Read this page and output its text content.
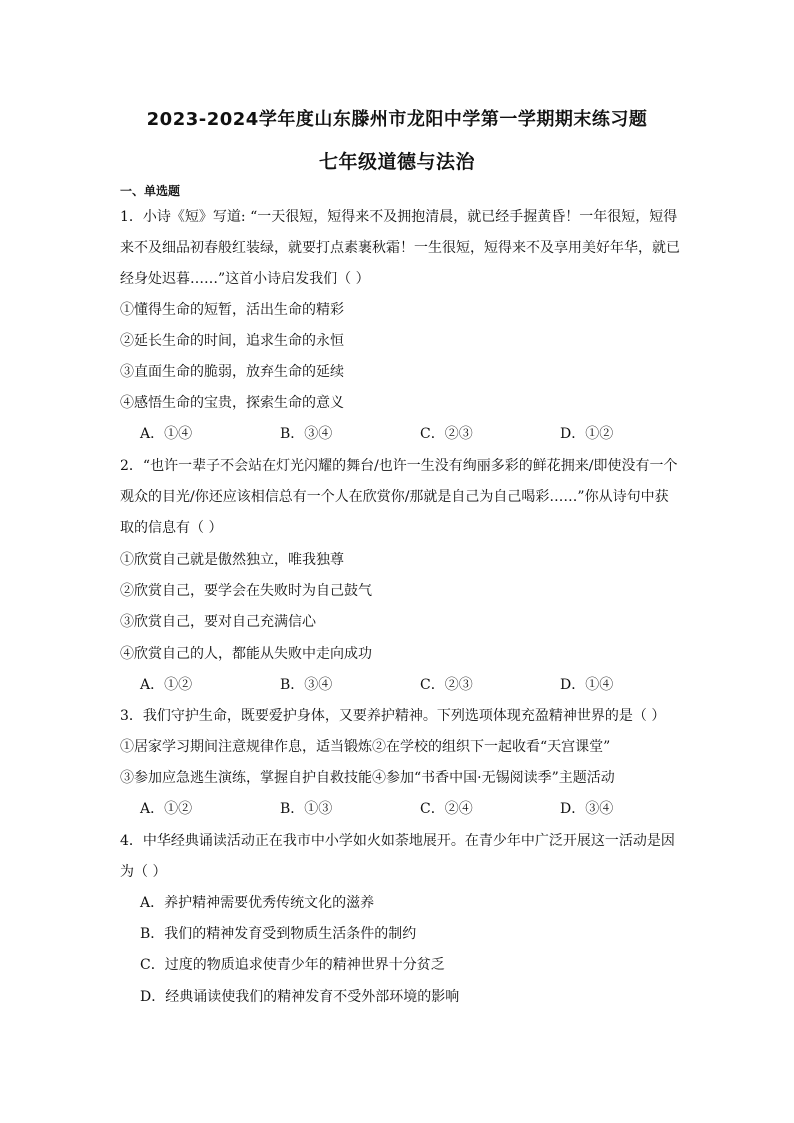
2023-2024学年度山东滕州市龙阳中学第一学期期末练习题
七年级道德与法治
一、单选题
1．小诗《短》写道: “一天很短，短得来不及拥抱清晨，就已经手握黄昏！一年很短，短得
来不及细品初春般红装绿，就要打点素裹秋霜！一生很短，短得来不及享用美好年华，就已
经身处迟暮……”这首小诗启发我们（ ）
①懂得生命的短暂，活出生命的精彩
②延长生命的时间，追求生命的永恒
③直面生命的脆弱，放弃生命的延续
④感悟生命的宝贵，探索生命的意义
A．①④	B．③④	C．②③	D．①②
2．“也许一辈子不会站在灯光闪耀的舞台/也许一生没有绚丽多彩的鲜花拥来/即使没有一个
观众的目光/你还应该相信总有一个人在欣赏你/那就是自己为自己喝彩……”你从诗句中获
取的信息有（ ）
①欣赏自己就是傲然独立，唯我独尊
②欣赏自己，要学会在失败时为自己鼓气
③欣赏自己，要对自己充满信心
④欣赏自己的人，都能从失败中走向成功
A．①②	B．③④	C．②③	D．①④
3．我们守护生命，既要爱护身体，又要养护精神。下列选项体现充盈精神世界的是（ ）
①居家学习期间注意规律作息，适当锻炼②在学校的组织下一起收看“天宫课堂”
③参加应急逃生演练，掌握自护自救技能④参加“书香中国·无锡阅读季”主题活动
A．①②	B．①③	C．②④	D．③④
4．中华经典诵读活动正在我市中小学如火如荼地展开。在青少年中广泛开展这一活动是因
为（ ）
A．养护精神需要优秀传统文化的滋养
B．我们的精神发育受到物质生活条件的制约
C．过度的物质追求使青少年的精神世界十分贫乏
D．经典诵读使我们的精神发育不受外部环境的影响
